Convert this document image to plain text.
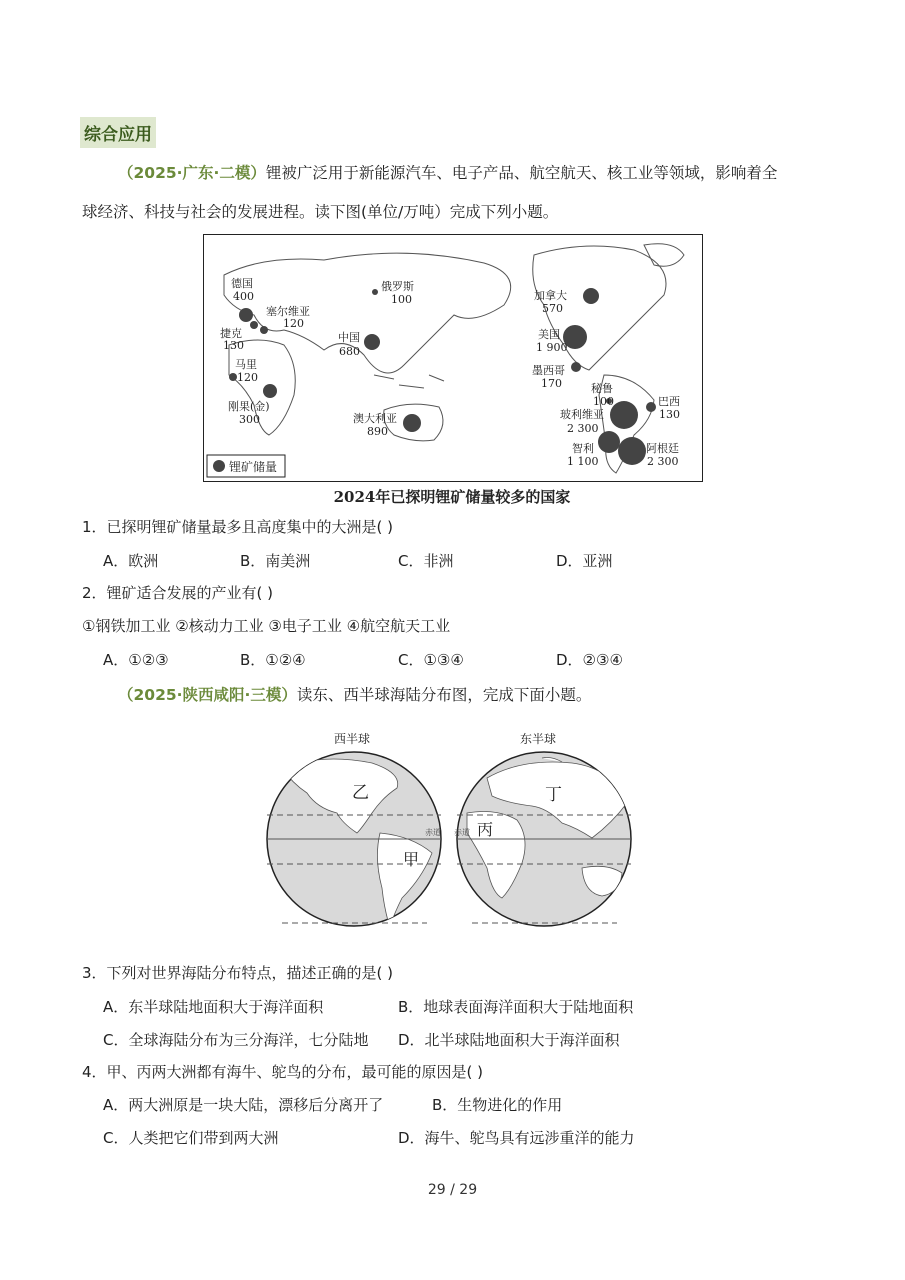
综合应用
（2025·广东·二模）锂被广泛用于新能源汽车、电子产品、航空航天、核工业等领域，影响着全
球经济、科技与社会的发展进程。读下图(单位/万吨）完成下列小题。
德国
400
塞尔维亚
120
捷克
130
马里
120
刚果(金)
300
俄罗斯
100
中国
680
澳大利亚
890
加拿大
570
美国
1 900
墨西哥
170	秘鲁
100	巴西
130
玻利维亚
2 300
智利
1 100
阿根廷
2 300
锂矿储量
2024年已探明锂矿储量较多的国家
1．已探明锂矿储量最多且高度集中的大洲是( )
A．欧洲	B．南美洲	C．非洲	D．亚洲
2．锂矿适合发展的产业有( )
①钢铁加工业 ②核动力工业 ③电子工业 ④航空航天工业
A．①②③	B．①②④	C．①③④	D．②③④
（2025·陕西咸阳·三模）读东、西半球海陆分布图，完成下面小题。
西半球	东半球
乙
甲
丙
丁
赤道 赤道
3．下列对世界海陆分布特点，描述正确的是( )
A．东半球陆地面积大于海洋面积	B．地球表面海洋面积大于陆地面积
C．全球海陆分布为三分海洋，七分陆地 D．北半球陆地面积大于海洋面积
4．甲、丙两大洲都有海牛、鸵鸟的分布，最可能的原因是( )
A．两大洲原是一块大陆，漂移后分离开了	B．生物进化的作用
C．人类把它们带到两大洲	D．海牛、鸵鸟具有远涉重洋的能力
29 / 29
